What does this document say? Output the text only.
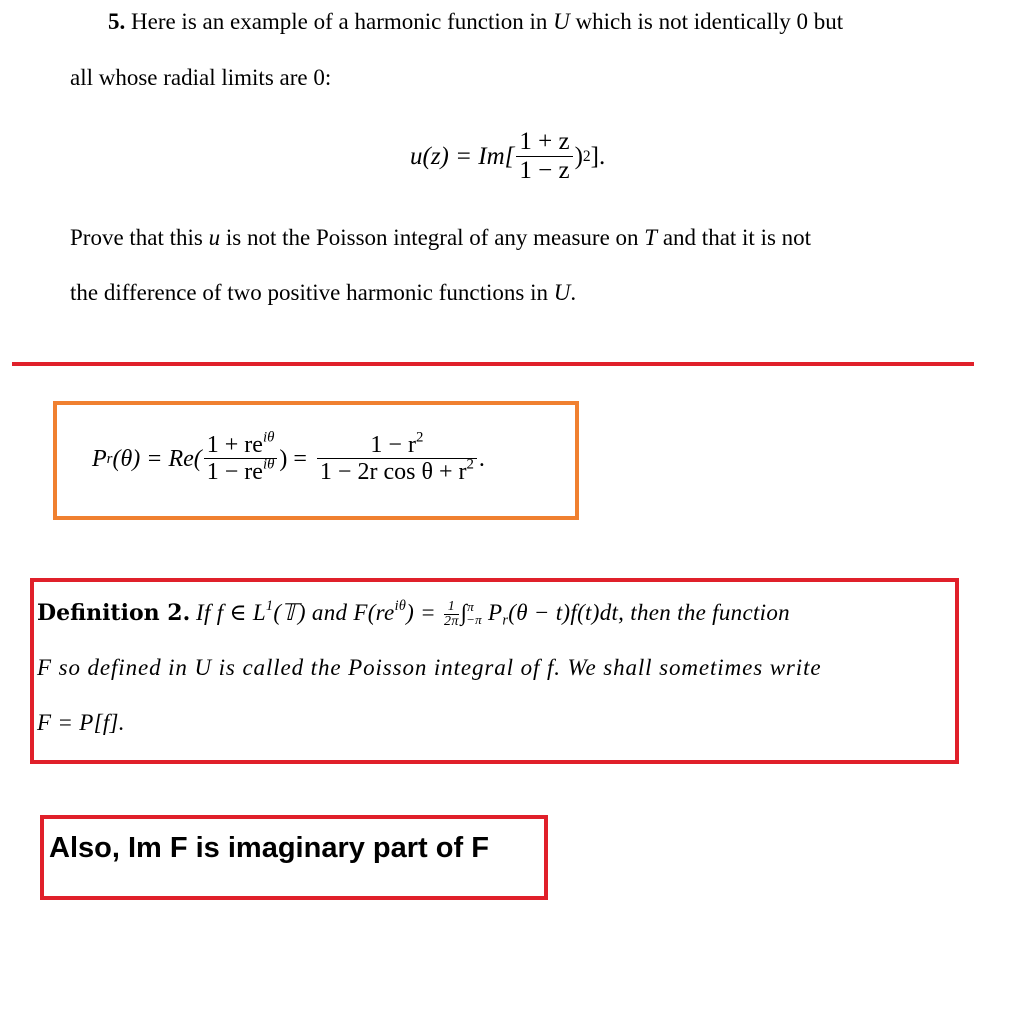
5. Here is an example of a harmonic function in U which is not identically 0 but
all whose radial limits are 0:
$u(z) = Im[ \frac{1 + z}{1 - z}$ ) 2 ].
Prove that this u is not the Poisson integral of any measure on T and that it is not
the difference of two positive harmonic functions in U.
P r $(\theta) = Re( \frac{1 + re^{i\theta}}{1 - re^{i\theta}}$ ) = $\frac{1 - r^2}{1 - 2r \cos \theta + r^2}$ .
Definition 2. If f ∈ $L^1(𝕋)$ and $F(re^{i\theta}) = \frac{1}{2\pi} \int^\pi_{-\pi}$ $P_r(\theta - t)f(t)dt$, then the function
F so defined in U is called the Poisson integral of f. We shall sometimes write
F = P[f].
Also, Im F is imaginary part of F
